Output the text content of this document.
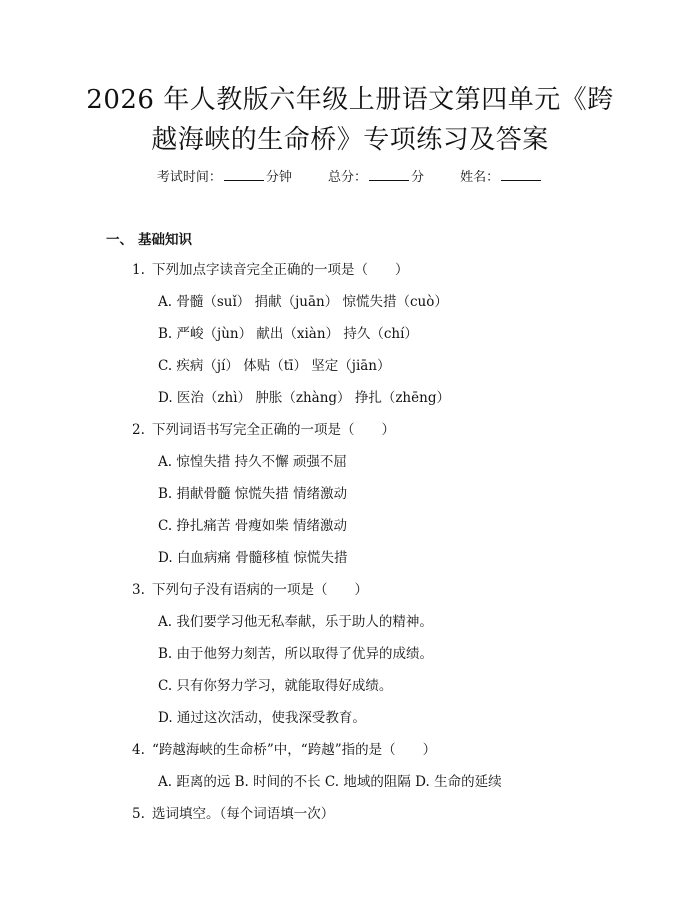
2026 年人教版六年级上册语文第四单元《跨
越海峡的生命桥》专项练习及答案
考试时间：	分钟	总分：	分	姓名：
一、 基础知识
1. 下列加点字读音完全正确的一项是（　　）
A. 骨髓（suǐ） 捐献（juān） 惊慌失措（cuò）
B. 严峻（jùn） 献出（xiàn） 持久（chí）
C. 疾病（jí） 体贴（tī） 坚定（jiān）
D. 医治（zhì） 肿胀（zhàng） 挣扎（zhēng）
2. 下列词语书写完全正确的一项是（　　）
A. 惊惶失措 持久不懈 顽强不屈
B. 捐献骨髓 惊慌失措 情绪激动
C. 挣扎痛苦 骨瘦如柴 情绪激动
D. 白血病痛 骨髓移植 惊慌失措
3. 下列句子没有语病的一项是（　　）
A. 我们要学习他无私奉献，乐于助人的精神。
B. 由于他努力刻苦，所以取得了优异的成绩。
C. 只有你努力学习，就能取得好成绩。
D. 通过这次活动，使我深受教育。
4. “跨越海峡的生命桥”中，“跨越”指的是（　　）
A. 距离的远 B. 时间的不长 C. 地域的阻隔 D. 生命的延续
5. 选词填空。（每个词语填一次）
